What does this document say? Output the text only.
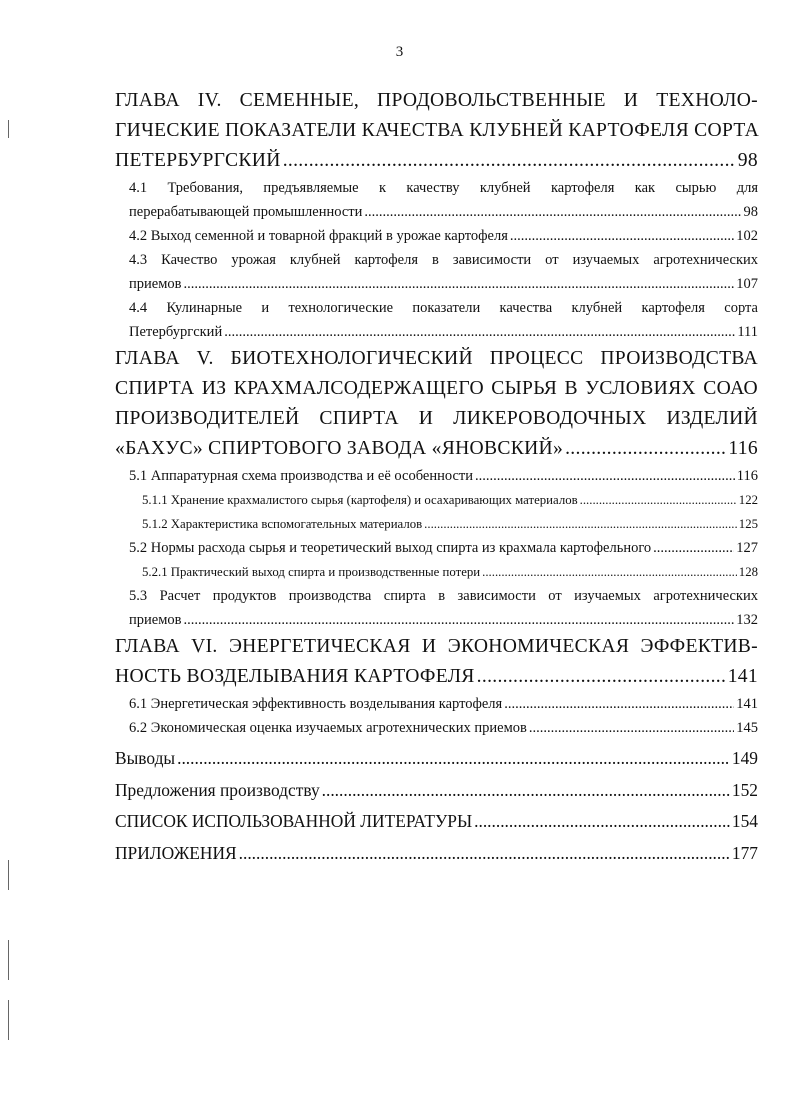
3
ГЛАВА IV. СЕМЕННЫЕ, ПРОДОВОЛЬСТВЕННЫЕ И ТЕХНОЛО-
ГИЧЕСКИЕ ПОКАЗАТЕЛИ КАЧЕСТВА КЛУБНЕЙ КАРТОФЕЛЯ СОРТА
ПЕТЕРБУРГСКИЙ .....	98
4.1 Требования, предъявляемые к качеству клубней картофеля как сырью для
перерабатывающей промышленности .....	98
4.2 Выход семенной и товарной фракций в урожае картофеля .....	102
4.3 Качество урожая клубней картофеля в зависимости от изучаемых агротехнических
приемов .....	107
4.4 Кулинарные и технологические показатели качества клубней картофеля сорта
Петербургский .....	111
ГЛАВА V. БИОТЕХНОЛОГИЧЕСКИЙ ПРОЦЕСС ПРОИЗВОДСТВА
СПИРТА ИЗ КРАХМАЛСОДЕРЖАЩЕГО СЫРЬЯ В УСЛОВИЯХ СОАО
ПРОИЗВОДИТЕЛЕЙ СПИРТА И ЛИКЕРОВОДОЧНЫХ ИЗДЕЛИЙ
«БАХУС» СПИРТОВОГО ЗАВОДА «ЯНОВСКИЙ» .....	116
5.1 Аппаратурная схема производства и её особенности .....	116
5.1.1 Хранение крахмалистого сырья (картофеля) и осахаривающих материалов .....	122
5.1.2 Характеристика вспомогательных материалов .....	125
5.2 Нормы расхода сырья и теоретический выход спирта из крахмала картофельного .....	127
5.2.1 Практический выход спирта и производственные потери .....	128
5.3 Расчет продуктов производства спирта в зависимости от изучаемых агротехнических
приемов .....	132
ГЛАВА VI. ЭНЕРГЕТИЧЕСКАЯ И ЭКОНОМИЧЕСКАЯ ЭФФЕКТИВ-
НОСТЬ ВОЗДЕЛЫВАНИЯ КАРТОФЕЛЯ .....	141
6.1 Энергетическая эффективность возделывания картофеля .....	141
6.2 Экономическая оценка изучаемых агротехнических приемов .....	145
Выводы .....	149
Предложения производству .....	152
СПИСОК ИСПОЛЬЗОВАННОЙ ЛИТЕРАТУРЫ .....	154
ПРИЛОЖЕНИЯ .....	177
